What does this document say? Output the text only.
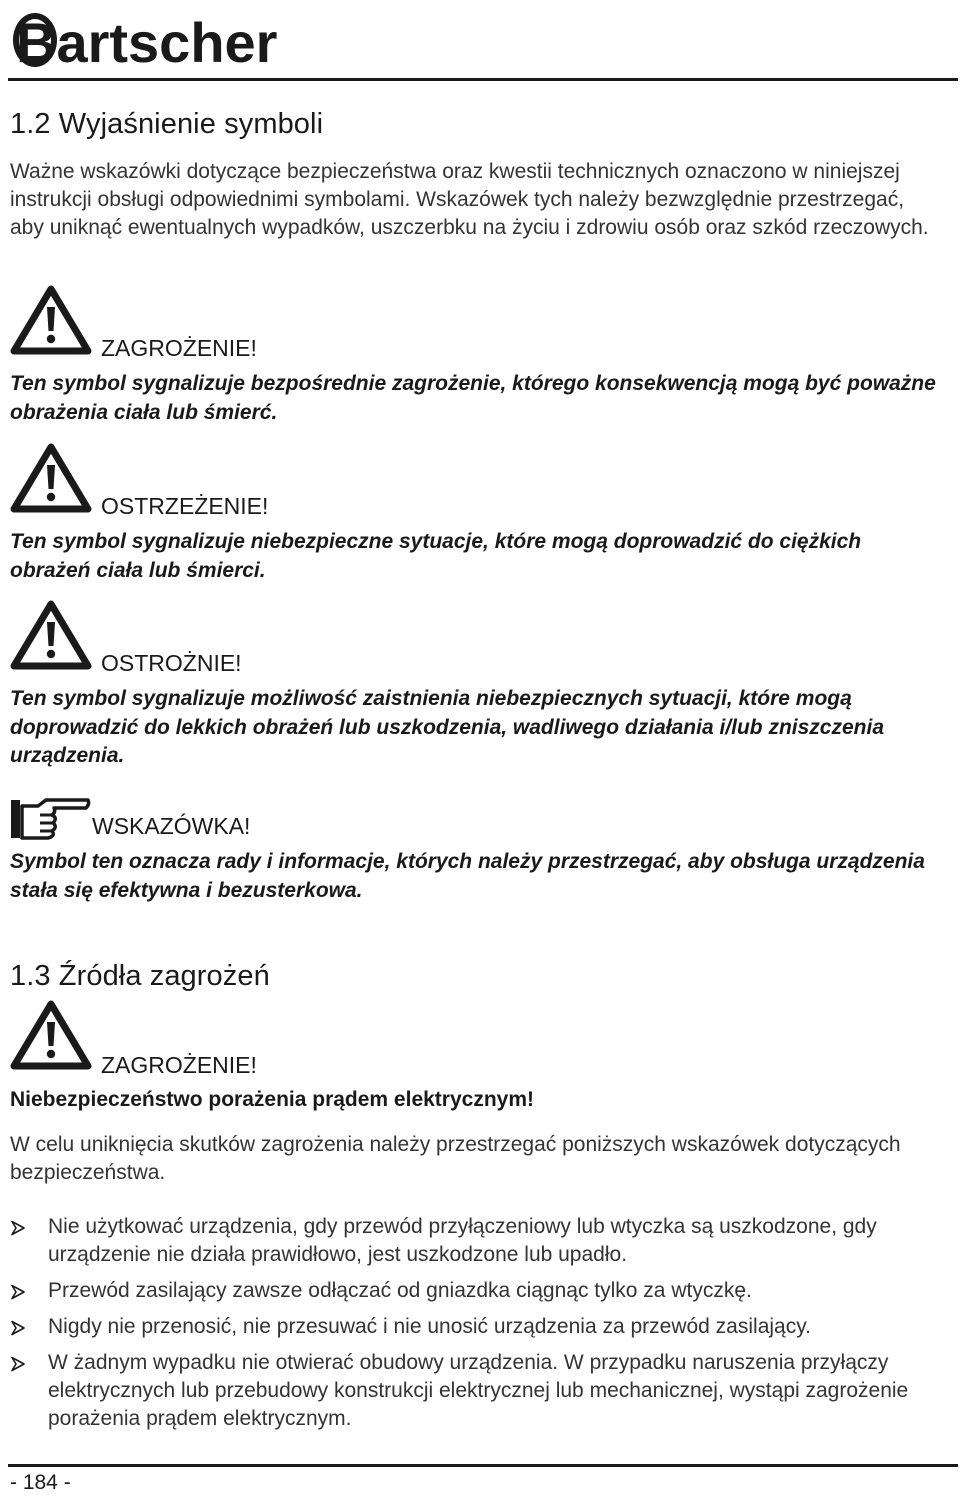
Bartscher
1.2 Wyjaśnienie symboli

Ważne wskazówki dotyczące bezpieczeństwa oraz kwestii technicznych oznaczono w niniejszej instrukcji obsługi odpowiednimi symbolami. Wskazówek tych należy bezwzględnie przestrzegać, aby uniknąć ewentualnych wypadków, uszczerbku na życiu i zdrowiu osób oraz szkód rzeczowych.

ZAGROŻENIE!

Ten symbol sygnalizuje bezpośrednie zagrożenie, którego konsekwencją mogą być poważne obrażenia ciała lub śmierć.

OSTRZEŻENIE!

Ten symbol sygnalizuje niebezpieczne sytuacje, które mogą doprowadzić do ciężkich obrażeń ciała lub śmierci.

OSTROŻNIE!

Ten symbol sygnalizuje możliwość zaistnienia niebezpiecznych sytuacji, które mogą doprowadzić do lekkich obrażeń lub uszkodzenia, wadliwego działania i/lub zniszczenia urządzenia.

WSKAZÓWKA!

Symbol ten oznacza rady i informacje, których należy przestrzegać, aby obsługa urządzenia stała się efektywna i bezusterkowa.

1.3 Źródła zagrożeń
ZAGROŻENIE!

Niebezpieczeństwo porażenia prądem elektrycznym!

W celu uniknięcia skutków zagrożenia należy przestrzegać poniższych wskazówek dotyczących bezpieczeństwa.

Nie użytkować urządzenia, gdy przewód przyłączeniowy lub wtyczka są uszkodzone, gdy urządzenie nie działa prawidłowo, jest uszkodzone lub upadło.
Przewód zasilający zawsze odłączać od gniazdka ciągnąc tylko za wtyczkę.
Nigdy nie przenosić, nie przesuwać i nie unosić urządzenia za przewód zasilający.
W żadnym wypadku nie otwierać obudowy urządzenia. W przypadku naruszenia przyłączy elektrycznych lub przebudowy konstrukcji elektrycznej lub mechanicznej, wystąpi zagrożenie porażenia prądem elektrycznym.
- 184 -
